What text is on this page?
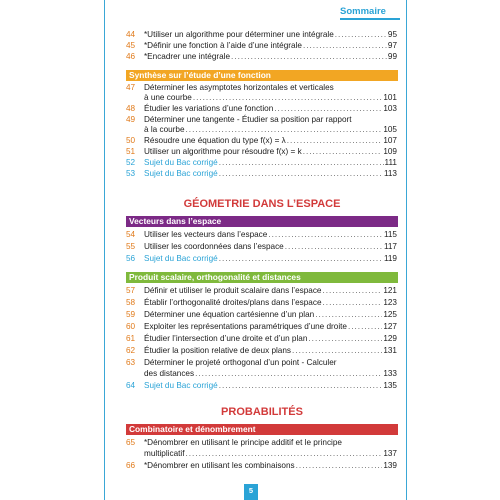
Sommaire
44	*Utiliser un algorithme pour déterminer une intégrale .....	95
45	*Définir une fonction à l’aide d’une intégrale .....	97
46	*Encadrer une intégrale .....	99
Synthèse sur l’étude d’une fonction
47	Déterminer les asymptotes horizontales et verticales
à une courbe .....	101
48	Étudier les variations d’une fonction .....	103
49	Déterminer une tangente - Étudier sa position par rapport
à la courbe .....	105
50	Résoudre une équation du type f(x) = λ .....	107
51	Utiliser un algorithme pour résoudre f(x) = k .....	109
52	Sujet du Bac corrigé .....	111
53	Sujet du Bac corrigé .....	113
GÉOMETRIE DANS L’ESPACE
Vecteurs dans l’espace
54	Utiliser les vecteurs dans l’espace .....	115
55	Utiliser les coordonnées dans l’espace .....	117
56	Sujet du Bac corrigé .....	119
Produit scalaire, orthogonalité et distances
57	Définir et utiliser le produit scalaire dans l’espace .....	121
58	Établir l’orthogonalité droites/plans dans l’espace .....	123
59	Déterminer une équation cartésienne d’un plan .....	125
60	Exploiter les représentations paramétriques d’une droite .....	127
61	Étudier l’intersection d’une droite et d’un plan .....	129
62	Étudier la position relative de deux plans .....	131
63	Déterminer le projeté orthogonal d’un point - Calculer
des distances .....	133
64	Sujet du Bac corrigé .....	135
PROBABILITÉS
Combinatoire et dénombrement
65	*Dénombrer en utilisant le principe additif et le principe
multiplicatif .....	137
66	*Dénombrer en utilisant les combinaisons .....	139
5
